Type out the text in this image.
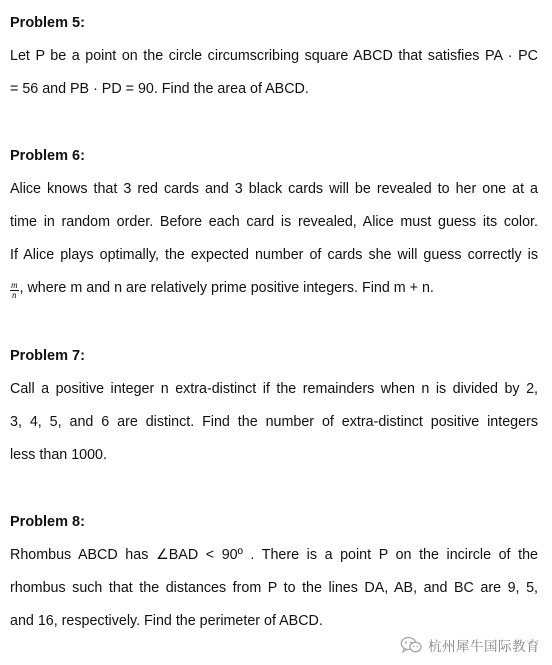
Problem 5:
Let P be a point on the circle circumscribing square ABCD that satisfies PA · PC
= 56 and PB · PD = 90. Find the area of ABCD.
Problem 6:
Alice knows that 3 red cards and 3 black cards will be revealed to her one at a
time in random order. Before each card is revealed, Alice must guess its color.
If Alice plays optimally, the expected number of cards she will guess correctly is
$\frac{m}{n}$ , where m and n are relatively prime positive integers. Find m + n.
Problem 7:
Call a positive integer n extra-distinct if the remainders when n is divided by 2,
3, 4, 5, and 6 are distinct. Find the number of extra-distinct positive integers
less than 1000.
Problem 8:
Rhombus ABCD has ∠BAD < 90º . There is a point P on the incircle of the
rhombus such that the distances from P to the lines DA, AB, and BC are 9, 5,
and 16, respectively. Find the perimeter of ABCD.
杭州犀牛国际教育
